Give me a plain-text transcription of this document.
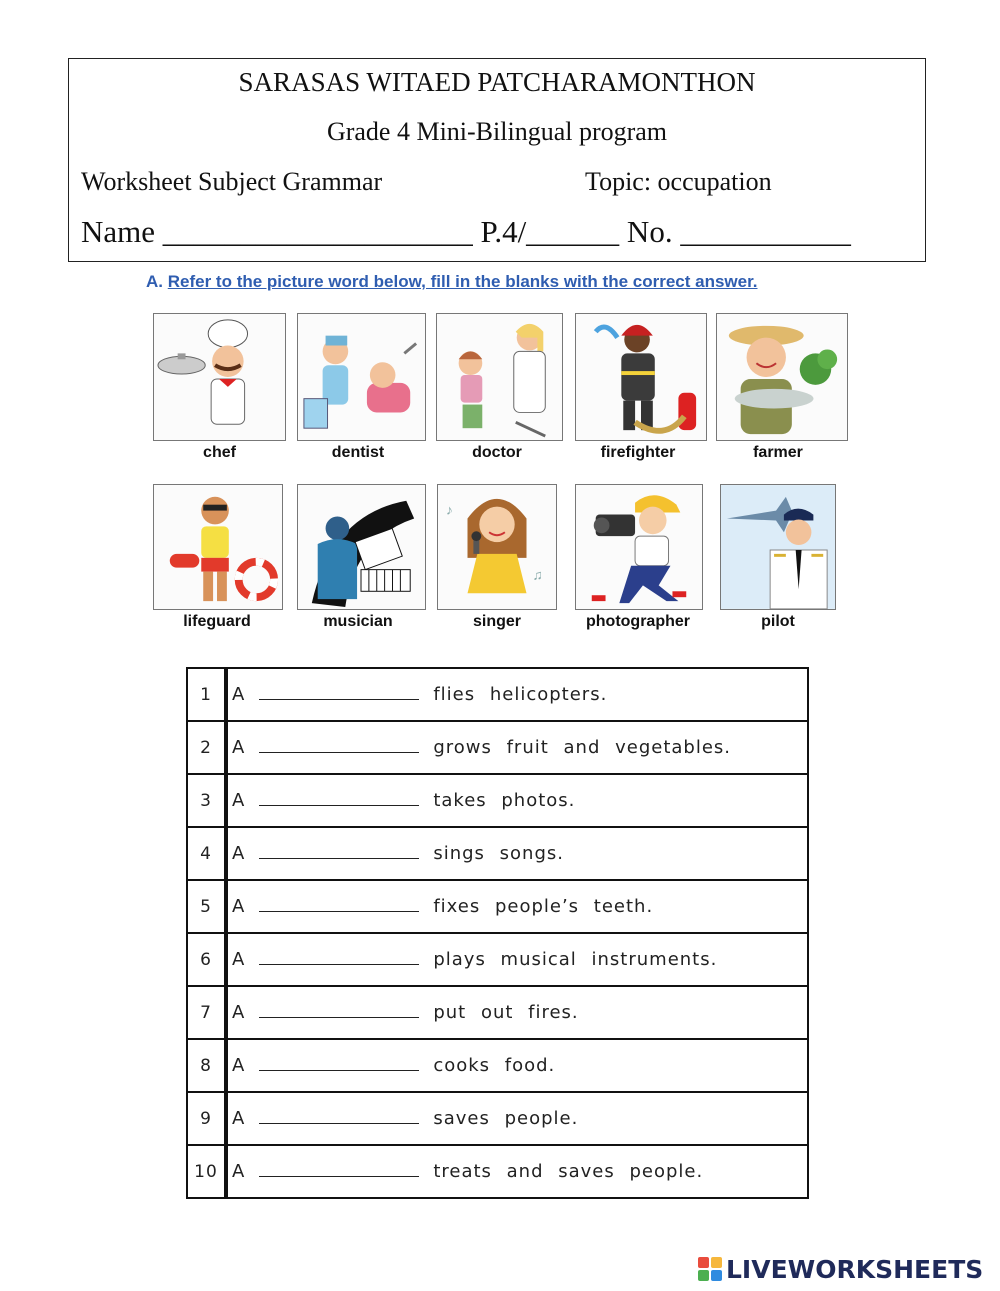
SARASAS WITAED PATCHARAMONTHON
Grade 4 Mini-Bilingual program
Worksheet Subject Grammar	Topic: occupation
Name ____________________ P.4/______ No. ___________
A. Refer to the picture word below, fill in the blanks with the correct answer.
chef	dentist	doctor	firefighter	farmer
♪
♫
lifeguard	musician	singer	photographer	pilot
1	A flies helicopters.
2	A grows fruit and vegetables.
3	A takes photos.
4	A sings songs.
5	A fixes people’s teeth.
6	A plays musical instruments.
7	A put out fires.
8	A cooks food.
9	A saves people.
10	A treats and saves people.
LIVEWORKSHEETS
